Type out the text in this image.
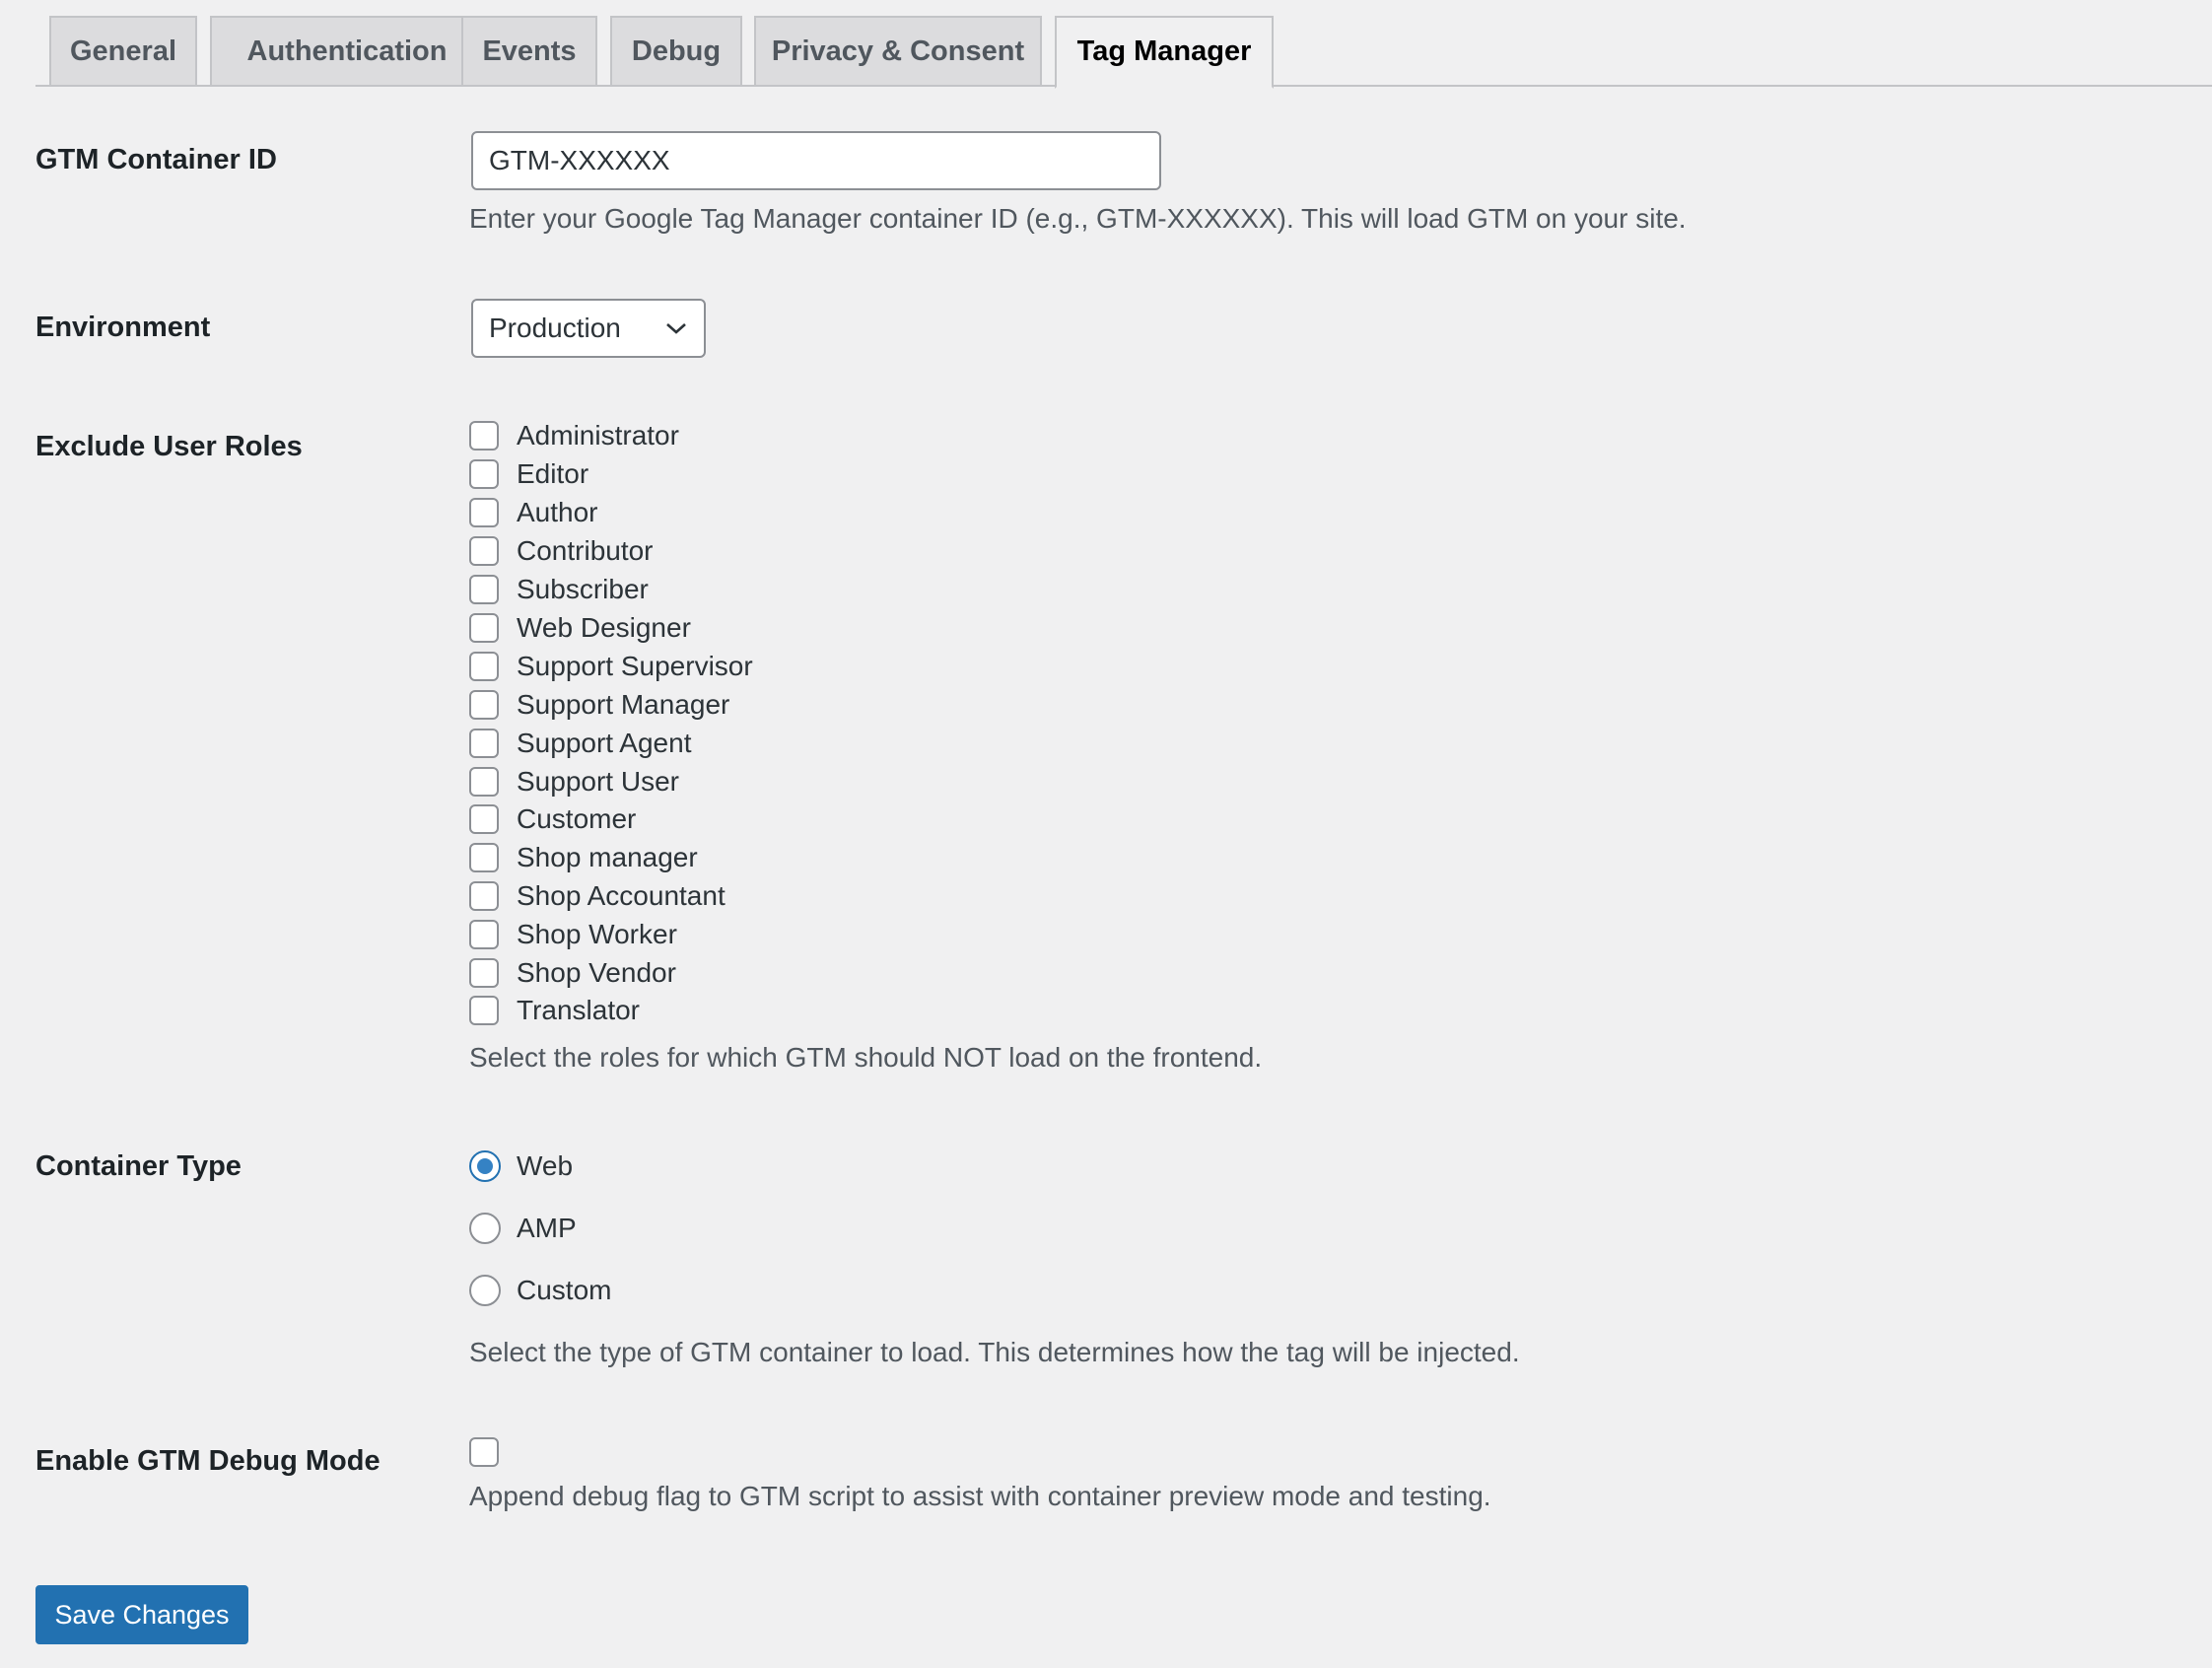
General	Authentication	Events	Debug	Privacy & Consent	Tag Manager
GTM Container ID
GTM-XXXXXX
Enter your Google Tag Manager container ID (e.g., GTM-XXXXXX). This will load GTM on your site.
Environment	Production
Exclude User Roles	Administrator
Editor
Author
Contributor
Subscriber
Web Designer
Support Supervisor
Support Manager
Support Agent
Support User
Customer
Shop manager
Shop Accountant
Shop Worker
Shop Vendor
Translator
Select the roles for which GTM should NOT load on the frontend.
Container Type	Web
AMP
Custom
Select the type of GTM container to load. This determines how the tag will be injected.
Enable GTM Debug Mode
Append debug flag to GTM script to assist with container preview mode and testing.
Save Changes
